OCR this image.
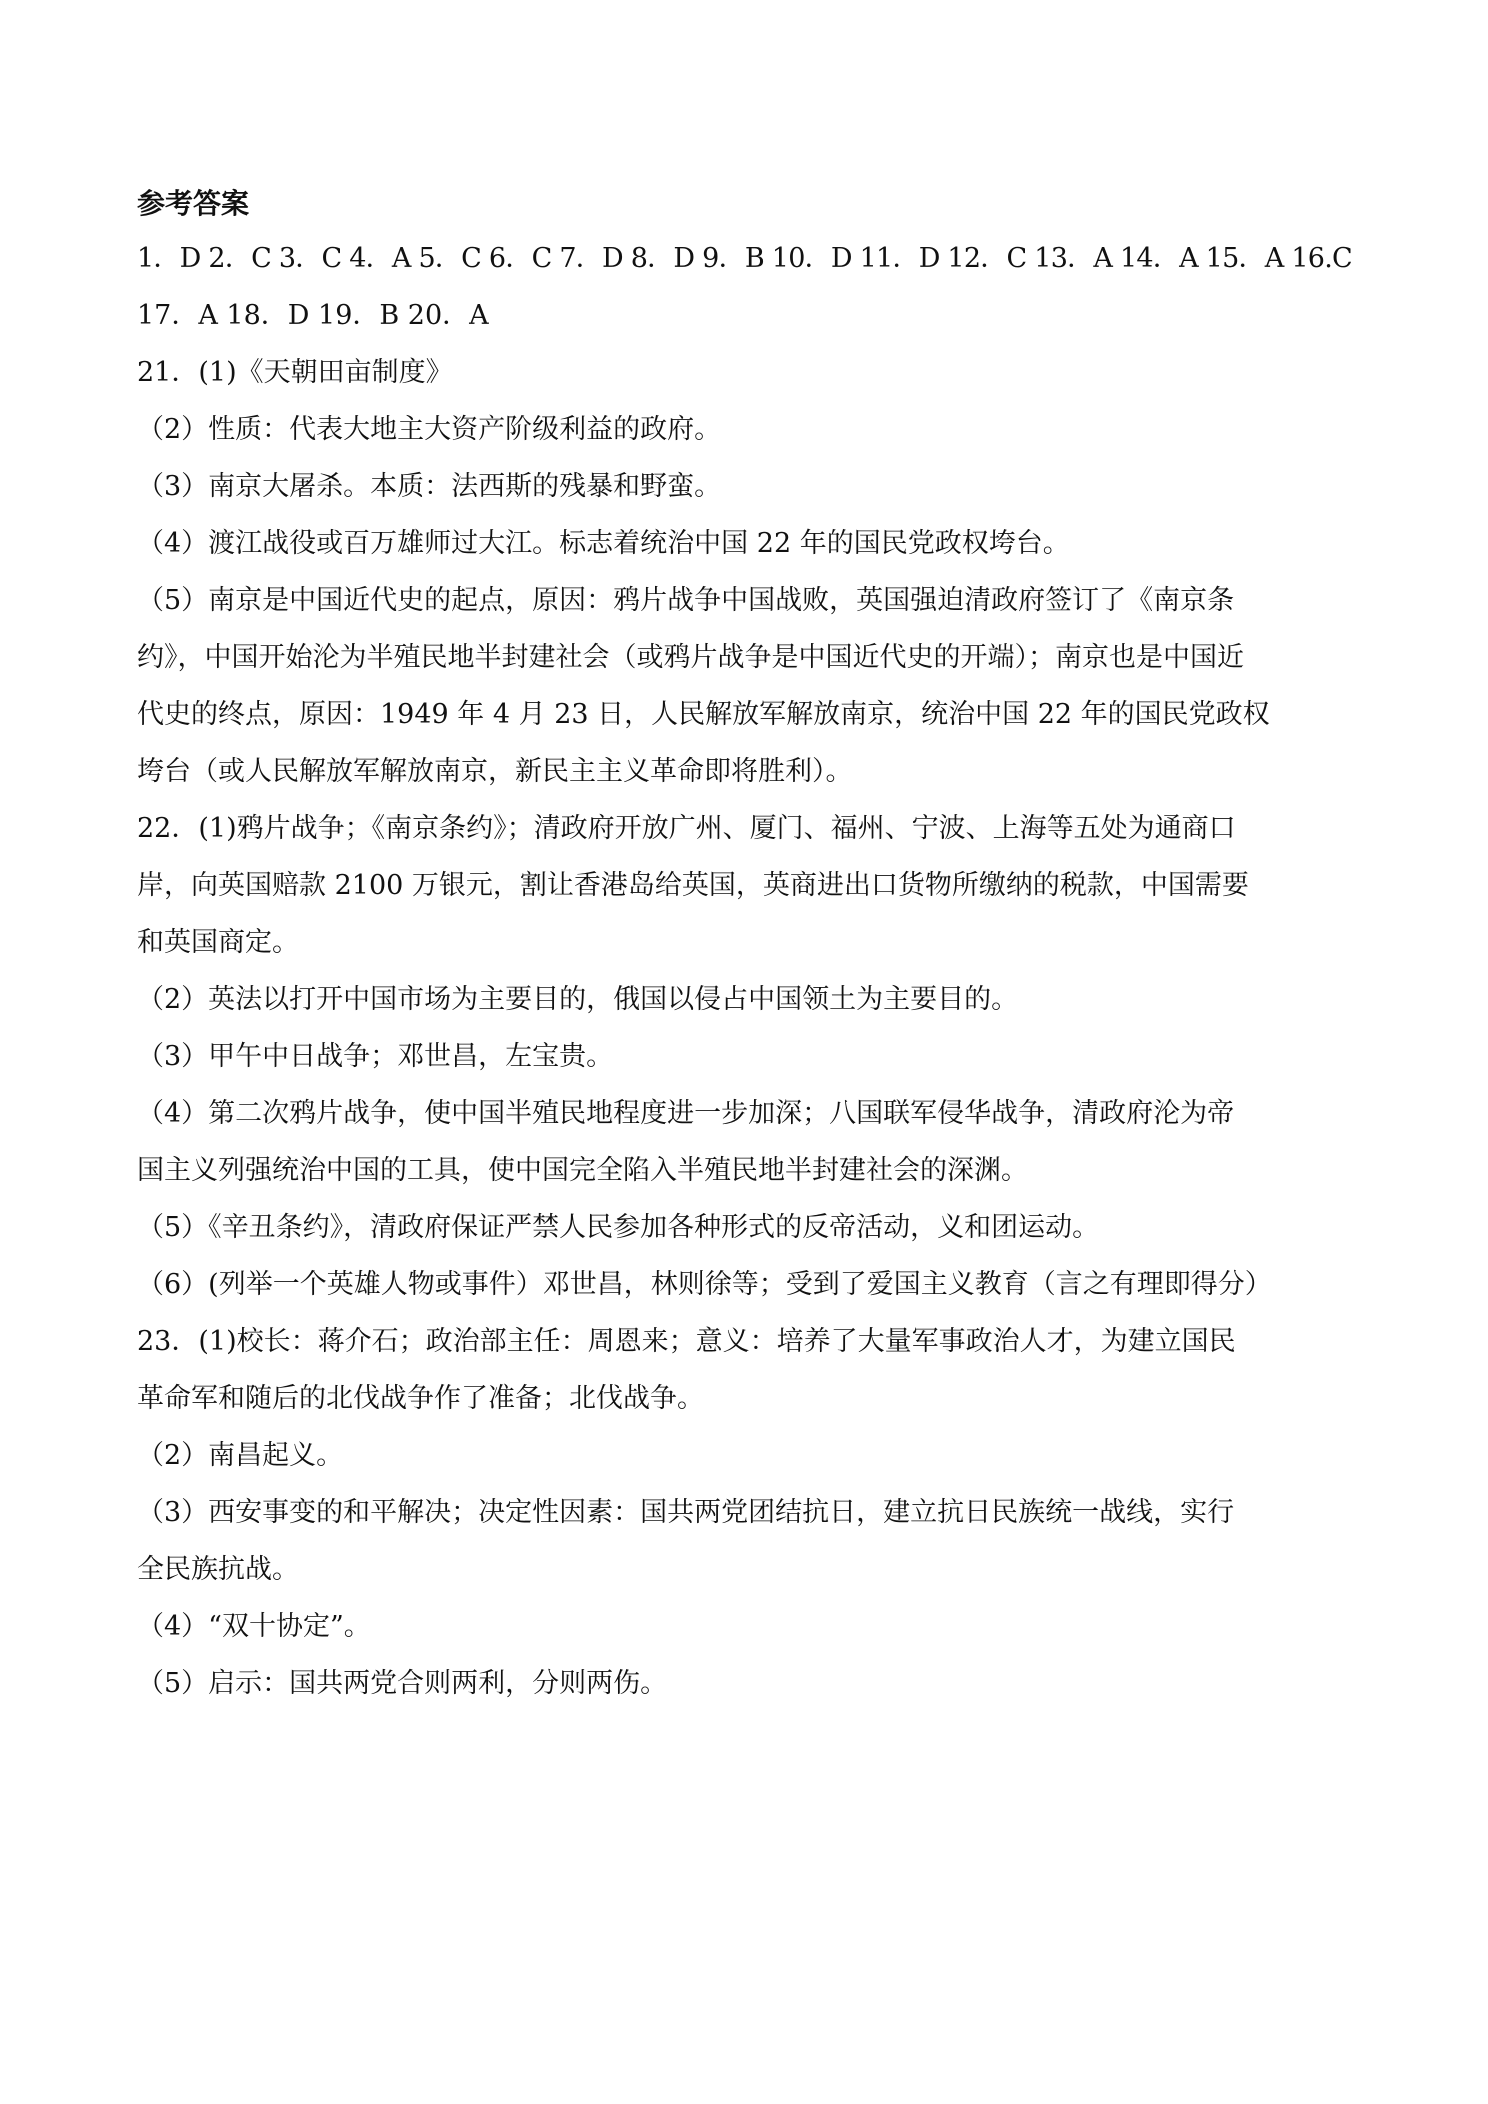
参考答案
1．D 2．C 3．C 4．A 5．C 6．C 7．D 8．D 9．B 10．D 11．D 12．C 13．A 14．A 15．A 16.C
17．A 18．D 19．B 20．A
21．(1)《天朝田亩制度》
（2）性质：代表大地主大资产阶级利益的政府。
（3）南京大屠杀。本质：法西斯的残暴和野蛮。
（4）渡江战役或百万雄师过大江。标志着统治中国 22 年的国民党政权垮台。
（5）南京是中国近代史的起点，原因：鸦片战争中国战败，英国强迫清政府签订了《南京条
约》，中国开始沦为半殖民地半封建社会（或鸦片战争是中国近代史的开端）；南京也是中国近
代史的终点，原因：1949 年 4 月 23 日，人民解放军解放南京，统治中国 22 年的国民党政权
垮台（或人民解放军解放南京，新民主主义革命即将胜利）。
22．(1)鸦片战争；《南京条约》；清政府开放广州、厦门、福州、宁波、上海等五处为通商口
岸，向英国赔款 2100 万银元，割让香港岛给英国，英商进出口货物所缴纳的税款，中国需要
和英国商定。
（2）英法以打开中国市场为主要目的，俄国以侵占中国领土为主要目的。
（3）甲午中日战争；邓世昌，左宝贵。
（4）第二次鸦片战争，使中国半殖民地程度进一步加深；八国联军侵华战争，清政府沦为帝
国主义列强统治中国的工具，使中国完全陷入半殖民地半封建社会的深渊。
（5）《辛丑条约》，清政府保证严禁人民参加各种形式的反帝活动，义和团运动。
（6）(列举一个英雄人物或事件）邓世昌，林则徐等；受到了爱国主义教育（言之有理即得分）
23．(1)校长：蒋介石；政治部主任：周恩来；意义：培养了大量军事政治人才，为建立国民
革命军和随后的北伐战争作了准备；北伐战争。
（2）南昌起义。
（3）西安事变的和平解决；决定性因素：国共两党团结抗日，建立抗日民族统一战线，实行
全民族抗战。
（4）“双十协定”。
（5）启示：国共两党合则两利，分则两伤。
